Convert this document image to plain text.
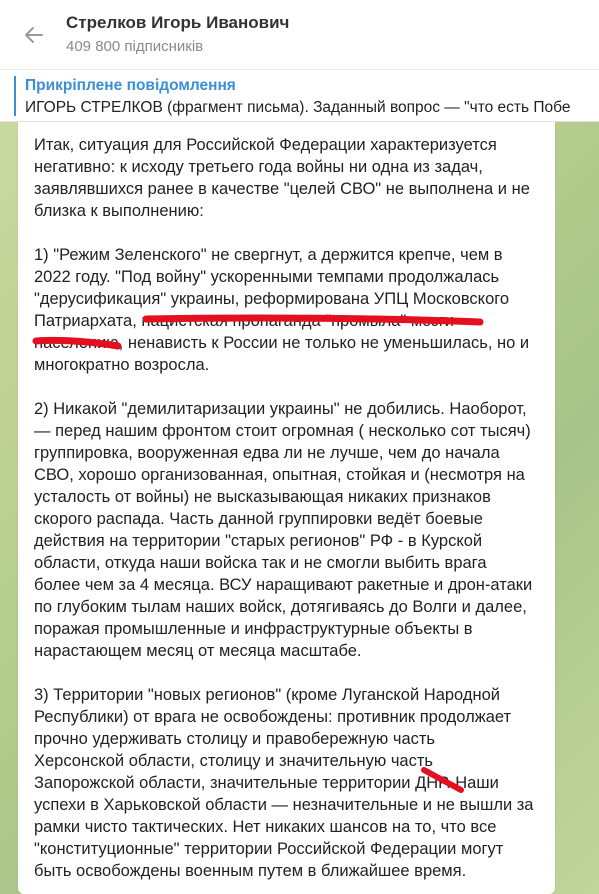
Стрелков Игорь Иванович
409 800 підписників
Прикріплене повідомлення
ИГОРЬ СТРЕЛКОВ (фрагмент письма). Заданный вопрос — "что есть Побе
Итак, ситуация для Российской Федерации характеризуется
негативно: к исходу третьего года войны ни одна из задач,
заявлявшихся ранее в качестве "целей СВО" не выполнена и не
близка к выполнению:

1) "Режим Зеленского" не свергнут, а держится крепче, чем в
2022 году. "Под войну" ускоренными темпами продолжалась
"дерусификация" украины, реформирована УПЦ Московского
Патриархата, нацистская пропаганда "промыла" мозги
населению, ненависть к России не только не уменьшилась, но и
многократно возросла.

2) Никакой "демилитаризации украины" не добились. Наоборот,
— перед нашим фронтом стоит огромная ( несколько сот тысяч)
группировка, вооруженная едва ли не лучше, чем до начала
СВО, хорошо организованная, опытная, стойкая и (несмотря на
усталость от войны) не высказывающая никаких признаков
скорого распада. Часть данной группировки ведёт боевые
действия на территории "старых регионов" РФ - в Курской
области, откуда наши войска так и не смогли выбить врага
более чем за 4 месяца. ВСУ наращивают ракетные и дрон-атаки
по глубоким тылам наших войск, дотягиваясь до Волги и далее,
поражая промышленные и инфраструктурные объекты в
нарастающем месяц от месяца масштабе.

3) Территории "новых регионов" (кроме Луганской Народной
Республики) от врага не освобождены: противник продолжает
прочно удерживать столицу и правобережную часть
Херсонской области, столицу и значительную часть
Запорожской области, значительные территории ДНР. Наши
успехи в Харьковской области — незначительные и не вышли за
рамки чисто тактических. Нет никаких шансов на то, что все
"конституционные" территории Российской Федерации могут
быть освобождены военным путем в ближайшее время.
